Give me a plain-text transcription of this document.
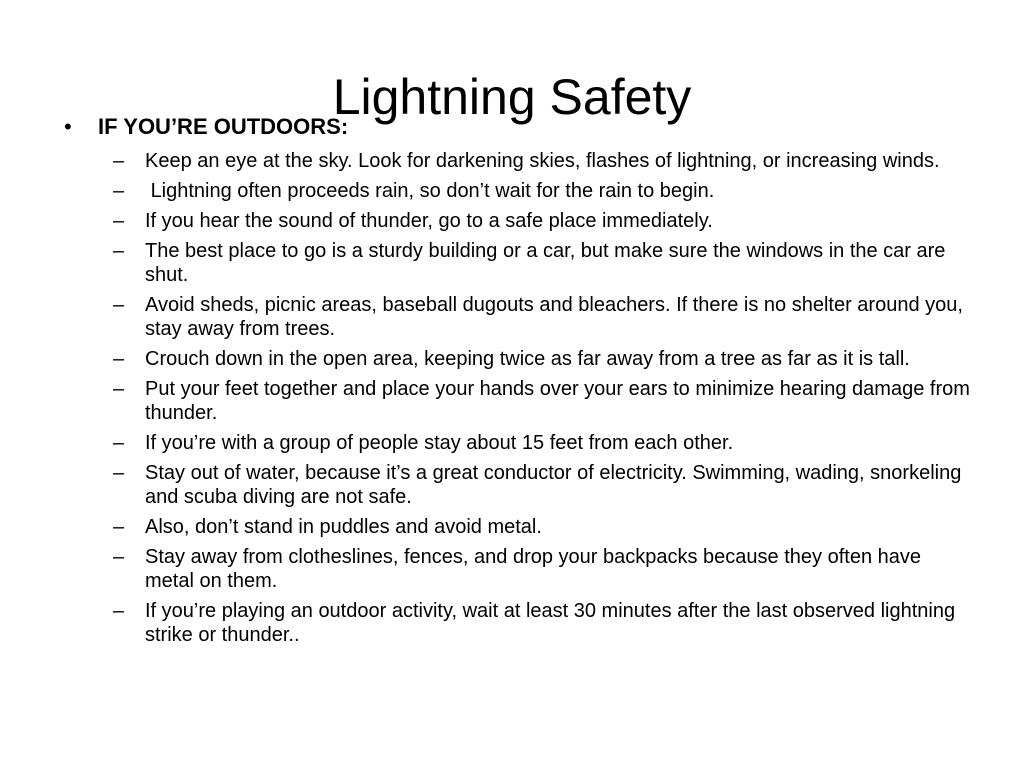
Lightning Safety
•	IF YOU’RE OUTDOORS:
–	Keep an eye at the sky. Look for darkening skies, flashes of lightning, or increasing winds.
–	Lightning often proceeds rain, so don’t wait for the rain to begin.
–	If you hear the sound of thunder, go to a safe place immediately.
–	The best place to go is a sturdy building or a car, but make sure the windows in the car are shut.
–	Avoid sheds, picnic areas, baseball dugouts and bleachers. If there is no shelter around you, stay away from trees.
–	Crouch down in the open area, keeping twice as far away from a tree as far as it is tall.
–	Put your feet together and place your hands over your ears to minimize hearing damage from thunder.
–	If you’re with a group of people stay about 15 feet from each other.
–	Stay out of water, because it’s a great conductor of electricity. Swimming, wading, snorkeling and scuba diving are not safe.
–	Also, don’t stand in puddles and avoid metal.
–	Stay away from clotheslines, fences, and drop your backpacks because they often have metal on them.
–	If you’re playing an outdoor activity, wait at least 30 minutes after the last observed lightning strike or thunder..
